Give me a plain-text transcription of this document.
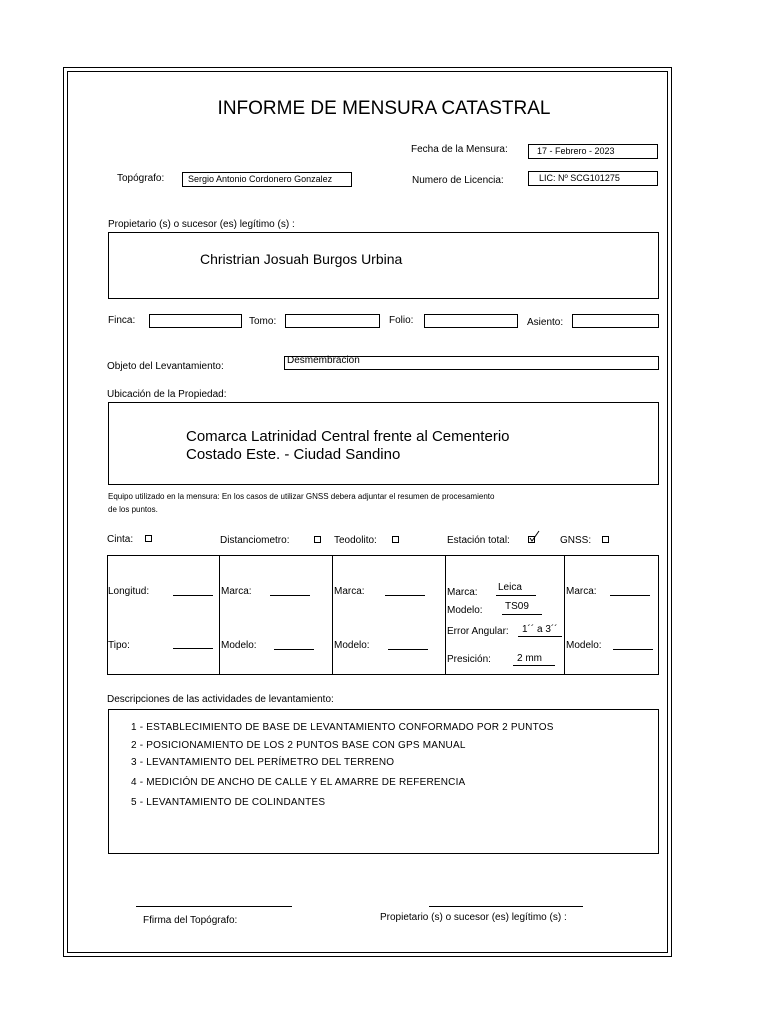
INFORME DE MENSURA CATASTRAL
Fecha de la Mensura:	17 - Febrero - 2023
Topógrafo:	Sergio Antonio Cordonero Gonzalez	Numero de Licencia:	LIC: Nº SCG101275
Propietario (s) o sucesor (es) legítimo (s) :
Christrian Josuah Burgos Urbina
Finca:	Tomo:	Folio:	Asiento:
Objeto del Levantamiento:
Desmembracion
Ubicación de la Propiedad:
Comarca Latrinidad Central frente al Cementerio
Costado Este. - Ciudad Sandino
Equipo utilizado en la mensura: En los casos de utilizar GNSS debera adjuntar el resumen de procesamiento
de los puntos.
Cinta:	Distanciometro:	Teodolito:	Estación total:	GNSS:
Longitud:
Tipo:
Marca:
Modelo:
Marca:
Modelo:
Marca: Leica
Modelo: TS09
Error Angular: 1´´ a 3´´
Presición:	2 mm
Marca:
Modelo:
Descripciones de las actividades de levantamiento:
1 - ESTABLECIMIENTO DE BASE DE LEVANTAMIENTO CONFORMADO POR 2 PUNTOS
2 - POSICIONAMIENTO DE LOS 2 PUNTOS BASE CON GPS MANUAL
3 - LEVANTAMIENTO DEL PERÍMETRO DEL TERRENO
4 - MEDICIÓN DE ANCHO DE CALLE Y EL AMARRE DE REFERENCIA
5 - LEVANTAMIENTO DE COLINDANTES
Ffirma del Topógrafo:	Propietario (s) o sucesor (es) legítimo (s) :
